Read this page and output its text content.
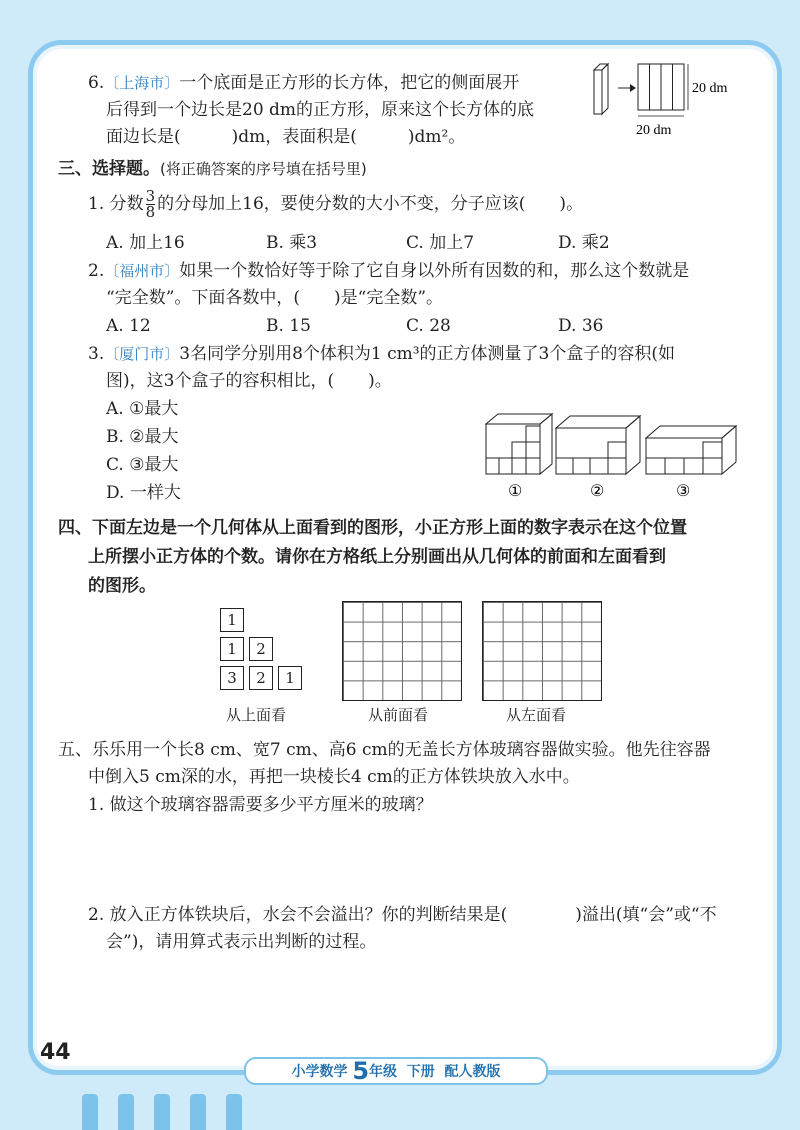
6.〔上海市〕一个底面是正方形的长方体，把它的侧面展开
后得到一个边长是20 dm的正方形，原来这个长方体的底
面边长是(　　　)dm，表面积是(　　　)dm²。
20 dm
20 dm
三、选择题。(将正确答案的序号填在括号里)
1. 分数 $\frac{3}{8}$ 的分母加上16，要使分数的大小不变，分子应该(　　)。
A. 加上16	B. 乘3	C. 加上7	D. 乘2
2.〔福州市〕如果一个数恰好等于除了它自身以外所有因数的和，那么这个数就是
“完全数”。下面各数中，(　　)是“完全数”。
A. 12	B. 15	C. 28	D. 36
3.〔厦门市〕3名同学分别用8个体积为1 cm³的正方体测量了3个盒子的容积(如
图)，这3个盒子的容积相比，(　　)。
A. ①最大
B. ②最大
C. ③最大
D. 一样大	①	②	③
四、下面左边是一个几何体从上面看到的图形，小正方形上面的数字表示在这个位置
上所摆小正方体的个数。请你在方格纸上分别画出从几何体的前面和左面看到
的图形。
1
1	2
3	2	1
从上面看	从前面看	从左面看
五、乐乐用一个长8 cm、宽7 cm、高6 cm的无盖长方体玻璃容器做实验。他先往容器
中倒入5 cm深的水，再把一块棱长4 cm的正方体铁块放入水中。
1. 做这个玻璃容器需要多少平方厘米的玻璃？
2. 放入正方体铁块后，水会不会溢出？你的判断结果是(　　　　)溢出(填“会”或“不
会”)，请用算式表示出判断的过程。
44
小学数学 5年级 下册 配人教版
